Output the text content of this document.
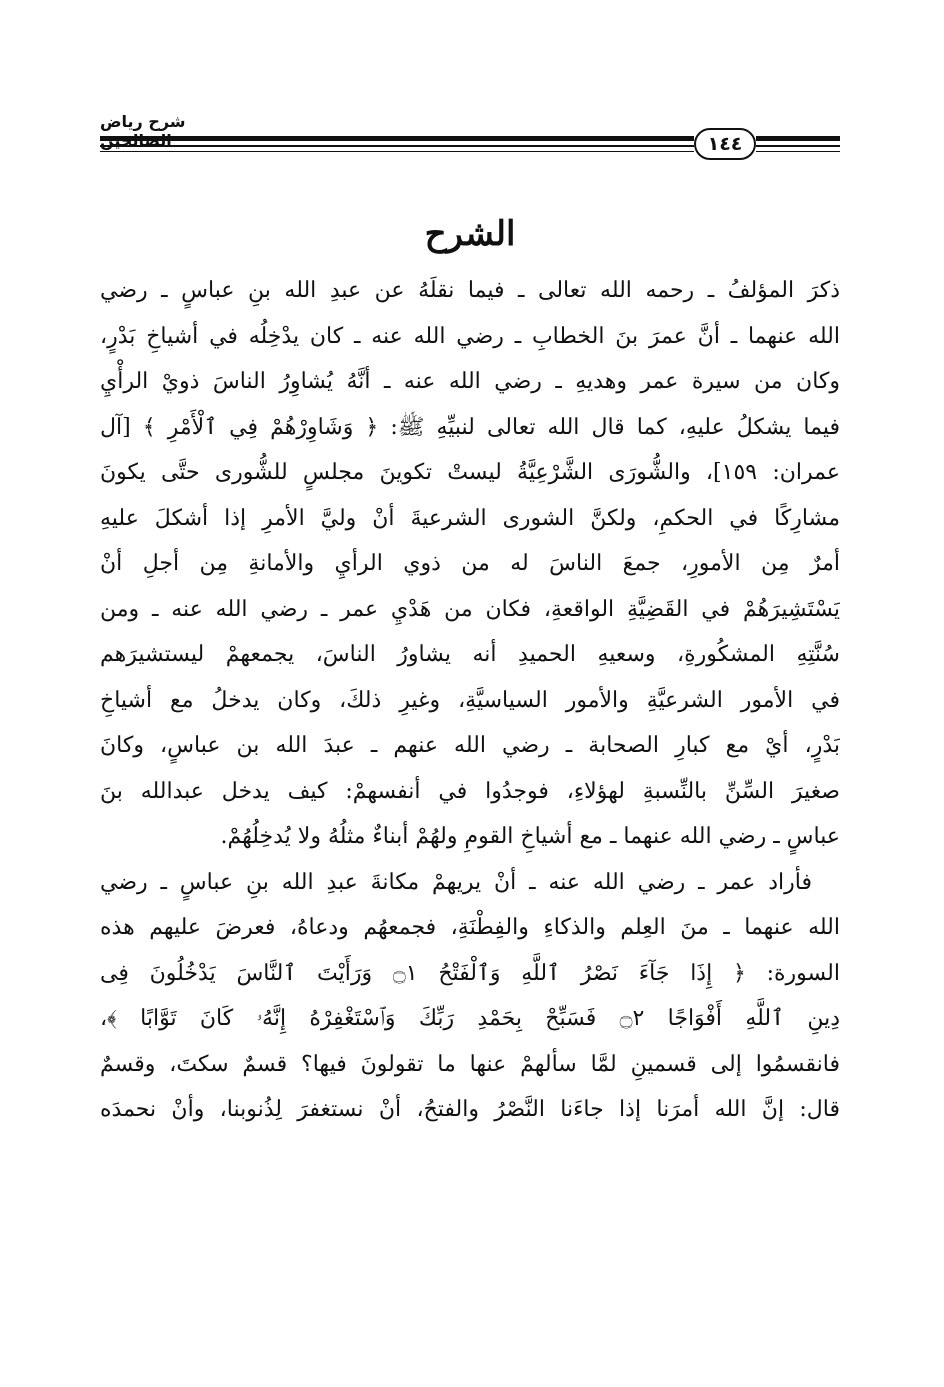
شرح رياض
١٤٤
الشرح
ذكرَ المؤلفُ ـ رحمه الله تعالى ـ فيما نقلَهُ عن عبدِ الله بنِ عباسٍ ـ رضي
الله عنهما ـ أنَّ عمرَ بنَ الخطابِ ـ رضي الله عنه ـ كان يدْخِلُه في أشياخِ بَدْرٍ،
وكان من سيرة عمر وهديهِ ـ رضي الله عنه ـ أنَّهُ يُشاوِرُ الناسَ ذويْ الرأْيِ
فيما يشكلُ عليهِ، كما قال الله تعالى لنبيِّهِ ﷺ: ﴿ وَشَاوِرْهُمْ فِي ٱلْأَمْرِ ﴾ [آل
عمران: ١٥٩]، والشُّورَى الشَّرْعِيَّةُ ليستْ تكوينَ مجلسٍ للشُّورى حتَّى يكونَ
مشارِكًا في الحكمِ، ولكنَّ الشورى الشرعيةَ أنْ وليَّ الأمرِ إذا أشكلَ عليهِ
أمرٌ مِن الأمورِ، جمعَ الناسَ له من ذوي الرأيِ والأمانةِ مِن أجلِ أنْ
يَسْتَشِيرَهُمْ في القَضِيَّةِ الواقعةِ، فكان من هَدْيِ عمر ـ رضي الله عنه ـ ومن
سُنَّتِهِ المشكُورةِ، وسعيهِ الحميدِ أنه يشاورُ الناسَ، يجمعهمْ ليستشيرَهم
في الأمور الشرعيَّةِ والأمور السياسيَّةِ، وغيرِ ذلكَ، وكان يدخلُ مع أشياخِ
بَدْرٍ، أيْ مع كبارِ الصحابة ـ رضي الله عنهم ـ عبدَ الله بن عباسٍ، وكانَ
صغيرَ السِّنِّ بالنِّسبةِ لهؤلاءِ، فوجدُوا في أنفسهمْ: كيف يدخل عبدالله بنَ
عباسٍ ـ رضي الله عنهما ـ مع أشياخِ القومِ ولهُمْ أبناءٌ مثلُهُ ولا يُدخِلُهُمْ.
فأراد عمر ـ رضي الله عنه ـ أنْ يريهمْ مكانةَ عبدِ الله بنِ عباسٍ ـ رضي
الله عنهما ـ منَ العِلم والذكاءِ والفِطْنَةِ، فجمعهُم ودعاهُ، فعرضَ عليهم هذه
السورة: ﴿ إِذَا جَآءَ نَصْرُ ٱللَّهِ وَٱلْفَتْحُ ۝١ وَرَأَيْتَ ٱلنَّاسَ يَدْخُلُونَ فِى
دِينِ ٱللَّهِ أَفْوَاجًا ۝٢ فَسَبِّحْ بِحَمْدِ رَبِّكَ وَٱسْتَغْفِرْهُ إِنَّهُۥ كَانَ تَوَّابًا ﴾،
فانقسمُوا إلى قسمينِ لمَّا سألهمْ عنها ما تقولونَ فيها؟ قسمٌ سكتَ، وقسمٌ
قال: إنَّ الله أمرَنا إذا جاءَنا النَّصْرُ والفتحُ، أنْ نستغفرَ لِذُنوبنا، وأنْ نحمدَه
